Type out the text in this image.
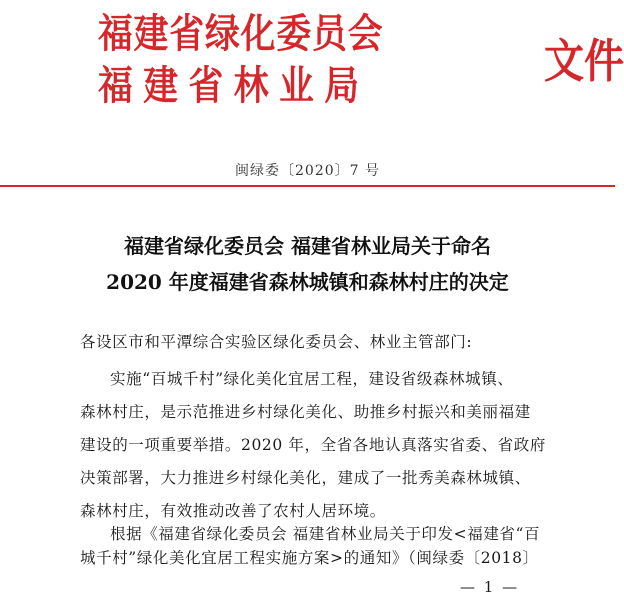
福建省绿化委员会
福建省林业局	文件
闽绿委〔2020〕7 号
福建省绿化委员会 福建省林业局关于命名
2020 年度福建省森林城镇和森林村庄的决定
各设区市和平潭综合实验区绿化委员会、林业主管部门:
实施“百城千村”绿化美化宜居工程，建设省级森林城镇、
森林村庄，是示范推进乡村绿化美化、助推乡村振兴和美丽福建
建设的一项重要举措。2020 年，全省各地认真落实省委、省政府
决策部署，大力推进乡村绿化美化，建成了一批秀美森林城镇、
森林村庄，有效推动改善了农村人居环境。
根据《福建省绿化委员会 福建省林业局关于印发<福建省“百
城千村”绿化美化宜居工程实施方案>的通知》（闽绿委〔2018〕
— 1 —
